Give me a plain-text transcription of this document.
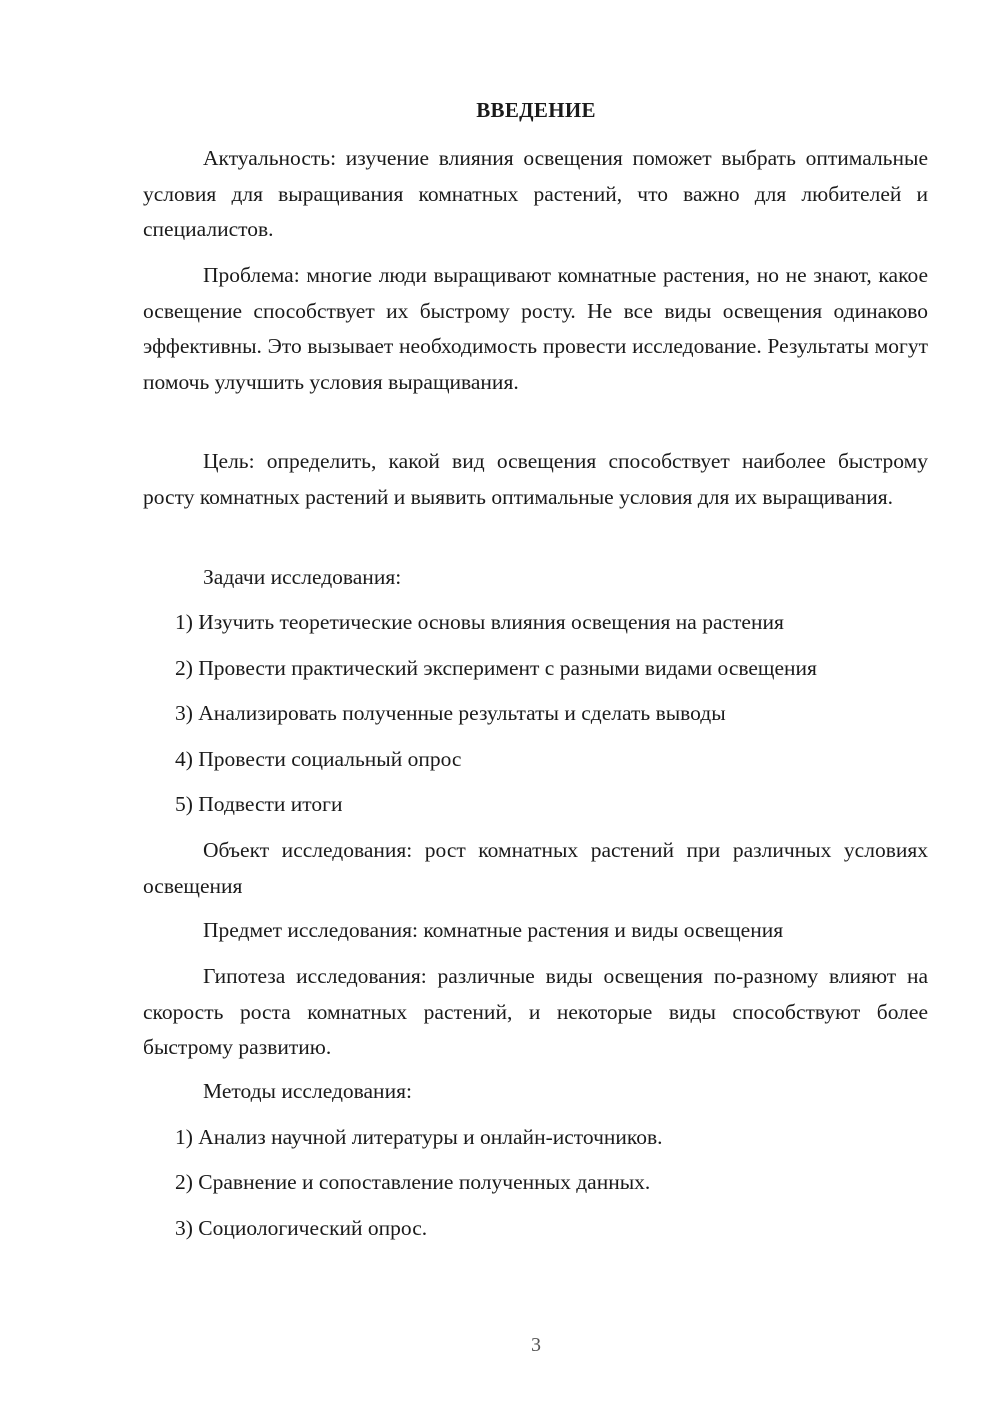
ВВЕДЕНИЕ
Актуальность: изучение влияния освещения поможет выбрать оптимальные условия для выращивания комнатных растений, что важно для любителей и специалистов.
Проблема: многие люди выращивают комнатные растения, но не знают, какое освещение способствует их быстрому росту. Не все виды освещения одинаково эффективны. Это вызывает необходимость провести исследование. Результаты могут помочь улучшить условия выращивания.
Цель: определить, какой вид освещения способствует наиболее быстрому росту комнатных растений и выявить оптимальные условия для их выращивания.
Задачи исследования:
1) Изучить теоретические основы влияния освещения на растения
2) Провести практический эксперимент с разными видами освещения
3) Анализировать полученные результаты и сделать выводы
4) Провести социальный опрос
5) Подвести итоги
Объект исследования: рост комнатных растений при различных условиях освещения
Предмет исследования: комнатные растения и виды освещения
Гипотеза исследования: различные виды освещения по-разному влияют на скорость роста комнатных растений, и некоторые виды способствуют более быстрому развитию.
Методы исследования:
1) Анализ научной литературы и онлайн-источников.
2) Сравнение и сопоставление полученных данных.
3) Социологический опрос.
3
